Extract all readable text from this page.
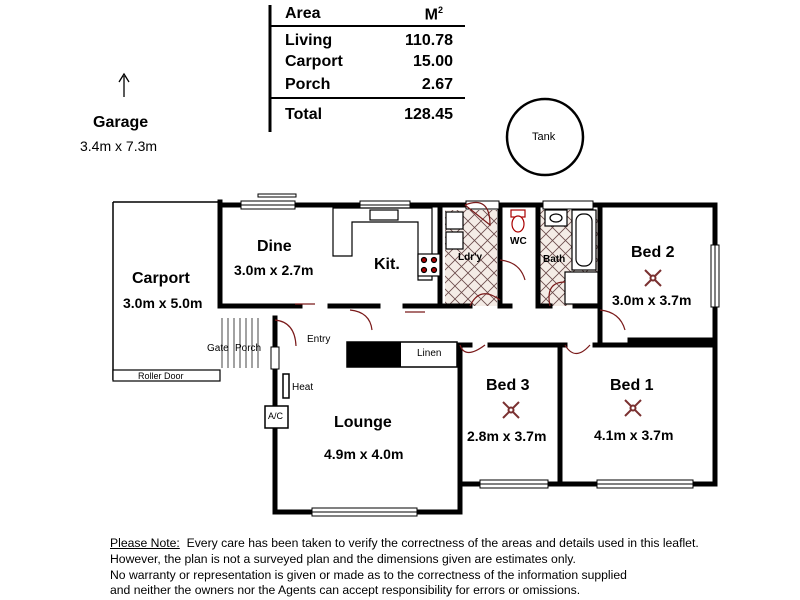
Area	$M^2$
Living	110.78
Carport	15.00
Porch	2.67
Total	128.45
Garage
3.4m x 7.3m
Tank
Carport
3.0m x 5.0m
Dine
3.0m x 2.7m	Kit.	Ldr'y
WC
Bath	Bed 2
3.0m x 3.7m
Bed 3
2.8m x 3.7m
Bed 1
4.1m x 3.7m
Lounge
4.9m x 4.0m
Entry
Gate Porch	Linen
Heat
A/C
Roller Door
Please Note: Every care has been taken to verify the correctness of the areas and details used in this leaflet.
However, the plan is not a surveyed plan and the dimensions given are estimates only.
No warranty or representation is given or made as to the correctness of the information supplied
and neither the owners nor the Agents can accept responsibility for errors or omissions.
